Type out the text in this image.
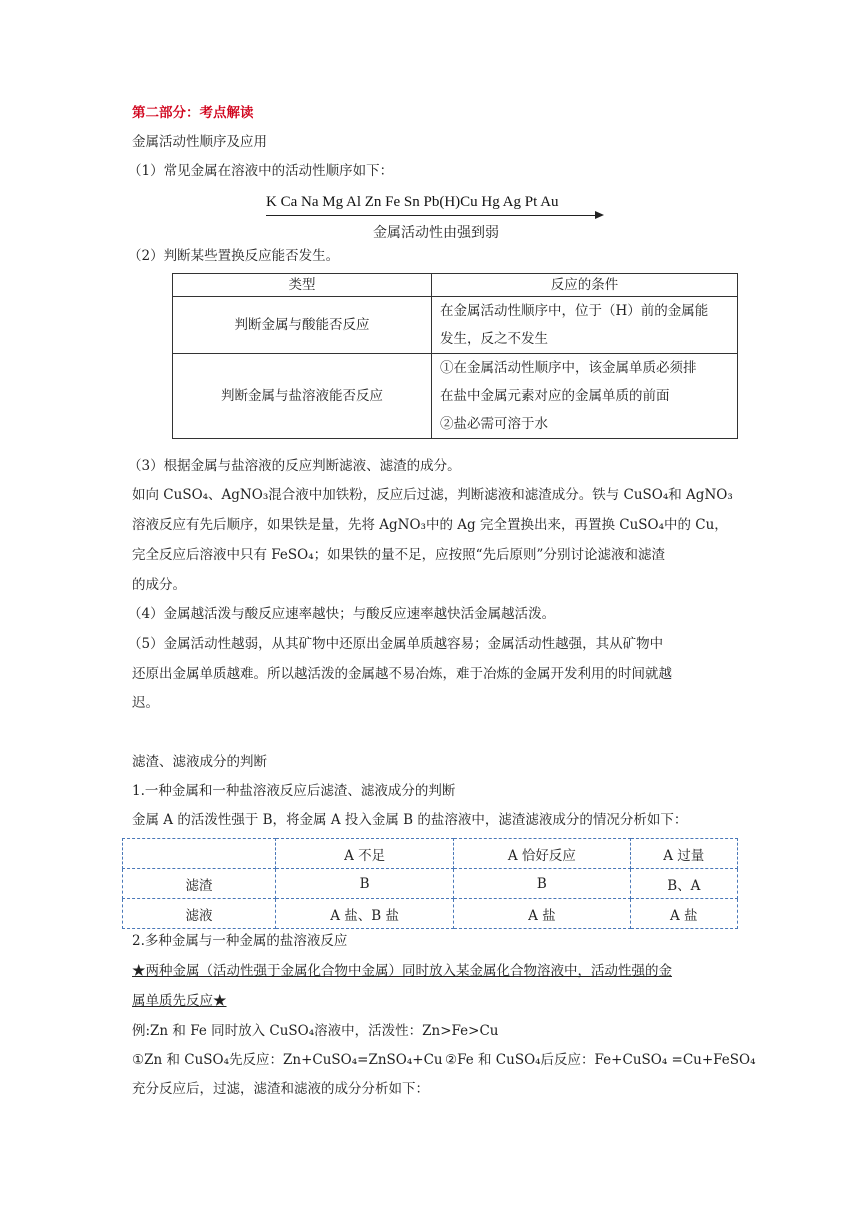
第二部分：考点解读
金属活动性顺序及应用
（1）常见金属在溶液中的活动性顺序如下：
K Ca Na Mg Al Zn Fe Sn Pb(H)Cu Hg Ag Pt Au
金属活动性由强到弱
（2）判断某些置换反应能否发生。
类型	反应的条件
判断金属与酸能否反应	在金属活动性顺序中，位于（H）前的金属能
发生，反之不发生

判断金属与盐溶液能否反应	①在金属活动性顺序中，该金属单质必须排
在盐中金属元素对应的金属单质的前面
②盐必需可溶于水
（3）根据金属与盐溶液的反应判断滤液、滤渣的成分。
如向 CuSO₄、AgNO₃混合液中加铁粉，反应后过滤，判断滤液和滤渣成分。铁与 CuSO₄和 AgNO₃
溶液反应有先后顺序，如果铁是量，先将 AgNO₃中的 Ag 完全置换出来，再置换 CuSO₄中的 Cu，
完全反应后溶液中只有 FeSO₄；如果铁的量不足，应按照“先后原则”分别讨论滤液和滤渣
的成分。
（4）金属越活泼与酸反应速率越快；与酸反应速率越快活金属越活泼。
（5）金属活动性越弱，从其矿物中还原出金属单质越容易；金属活动性越强，其从矿物中
还原出金属单质越难。所以越活泼的金属越不易冶炼，难于冶炼的金属开发利用的时间就越
迟。
滤渣、滤液成分的判断
1.一种金属和一种盐溶液反应后滤渣、滤液成分的判断
金属 A 的活泼性强于 B，将金属 A 投入金属 B 的盐溶液中，滤渣滤液成分的情况分析如下：
	A 不足	A 恰好反应	A 过量
滤渣	B	B	B、A
滤液	A 盐、B 盐	A 盐	A 盐
2.多种金属与一种金属的盐溶液反应
★两种金属（活动性强于金属化合物中金属）同时放入某金属化合物溶液中，活动性强的金
属单质先反应★
例:Zn 和 Fe 同时放入 CuSO₄溶液中，活泼性：Zn>Fe>Cu
①Zn 和 CuSO₄先反应：Zn+CuSO₄=ZnSO₄+Cu ②Fe 和 CuSO₄后反应：Fe+CuSO₄ =Cu+FeSO₄
充分反应后，过滤，滤渣和滤液的成分分析如下：
